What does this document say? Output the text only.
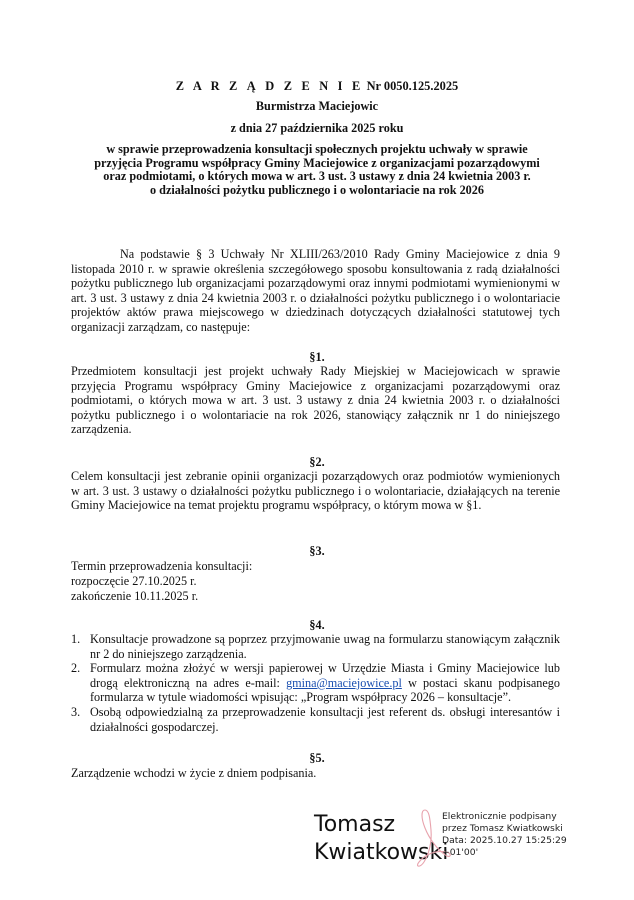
Z A R Z Ą D Z E N I E Nr 0050.125.2025
Burmistrza Maciejowic
z dnia 27 października 2025 roku
w sprawie przeprowadzenia konsultacji społecznych projektu uchwały w sprawie
przyjęcia Programu współpracy Gminy Maciejowice z organizacjami pozarządowymi
oraz podmiotami, o których mowa w art. 3 ust. 3 ustawy z dnia 24 kwietnia 2003 r.
o działalności pożytku publicznego i o wolontariacie na rok 2026
Na podstawie § 3 Uchwały Nr XLIII/263/2010 Rady Gminy Maciejowice z dnia 9 listopada 2010 r. w sprawie określenia szczegółowego sposobu konsultowania z radą działalności pożytku publicznego lub organizacjami pozarządowymi oraz innymi podmiotami wymienionymi w art. 3 ust. 3 ustawy z dnia 24 kwietnia 2003 r. o działalności pożytku publicznego i o wolontariacie projektów aktów prawa miejscowego w dziedzinach dotyczących działalności statutowej tych organizacji zarządzam, co następuje:
§1.
Przedmiotem konsultacji jest projekt uchwały Rady Miejskiej w Maciejowicach w sprawie przyjęcia Programu współpracy Gminy Maciejowice z organizacjami pozarządowymi oraz podmiotami, o których mowa w art. 3 ust. 3 ustawy z dnia 24 kwietnia 2003 r. o działalności pożytku publicznego i o wolontariacie na rok 2026, stanowiący załącznik nr 1 do niniejszego zarządzenia.
§2.
Celem konsultacji jest zebranie opinii organizacji pozarządowych oraz podmiotów wymienionych w art. 3 ust. 3 ustawy o działalności pożytku publicznego i o wolontariacie, działających na terenie Gminy Maciejowice na temat projektu programu współpracy, o którym mowa w §1.
§3.
Termin przeprowadzenia konsultacji:
rozpoczęcie 27.10.2025 r.
zakończenie 10.11.2025 r.
§4.
1. Konsultacje prowadzone są poprzez przyjmowanie uwag na formularzu stanowiącym załącznik nr 2 do niniejszego zarządzenia.
2. Formularz można złożyć w wersji papierowej w Urzędzie Miasta i Gminy Maciejowice lub drogą elektroniczną na adres e-mail: gmina@maciejowice.pl w postaci skanu podpisanego formularza w tytule wiadomości wpisując: „Program współpracy 2026 – konsultacje”.
3. Osobą odpowiedzialną za przeprowadzenie konsultacji jest referent ds. obsługi interesantów i działalności gospodarczej.
§5.
Zarządzenie wchodzi w życie z dniem podpisania.
Tomasz
Kwiatkowski
Elektronicznie podpisany
przez Tomasz Kwiatkowski
Data: 2025.10.27 15:25:29
+01'00'
